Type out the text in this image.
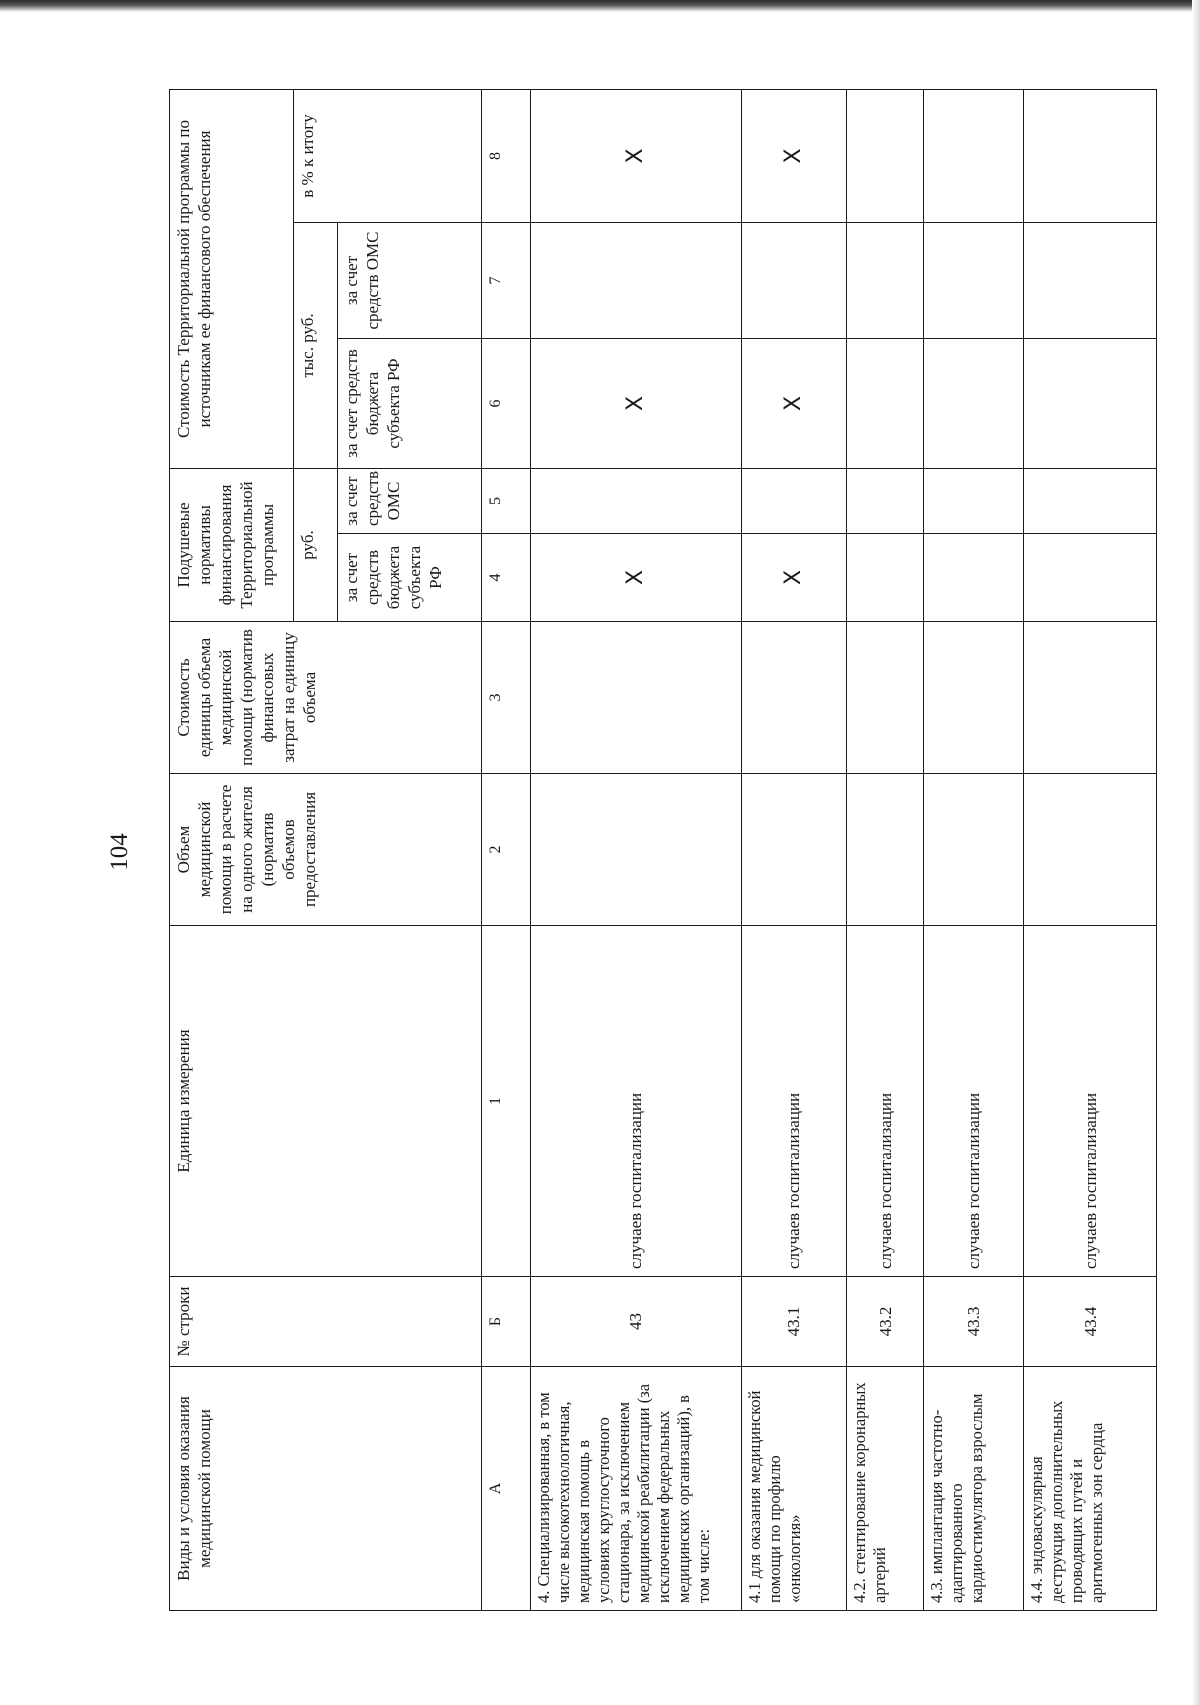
104
Виды и условия оказания медицинской помощи	№ строки	Единица измерения	Объем медицинской помощи в расчете на одного жителя (норматив объемов предоставления	Стоимость единицы объема медицинской помощи (норматив финансовых затрат на единицу объема	Подушевые нормативы финансирования Территориальной программы		Стоимость Территориальной программы по источникам ее финансового обеспечения		
					руб.		тыс. руб.		в % к итогу
					за счет средств бюджета субъекта РФ	за счет средств ОМС	за счет средств бюджета субъекта РФ	за счет средств ОМС	
А	Б	1	2	3	4	5	6	7	8
4. Специализированная, в том числе высокотехнологичная, медицинская помощь в условиях круглосуточного стационара, за исключением медицинской реабилитации (за исключением федеральных медицинских организаций), в том числе:	43	случаев госпитализации			Х		Х		Х
4.1 для оказания медицинской помощи по профилю «онкология»	43.1	случаев госпитализации			Х		Х		Х
4.2. стентирование коронарных артерий	43.2	случаев госпитализации							
4.3. имплантация частотно-адаптированного кардиостимулятора взрослым	43.3	случаев госпитализации							
4.4. эндоваскулярная деструкция дополнительных проводящих путей и аритмогенных зон сердца	43.4	случаев госпитализации							
